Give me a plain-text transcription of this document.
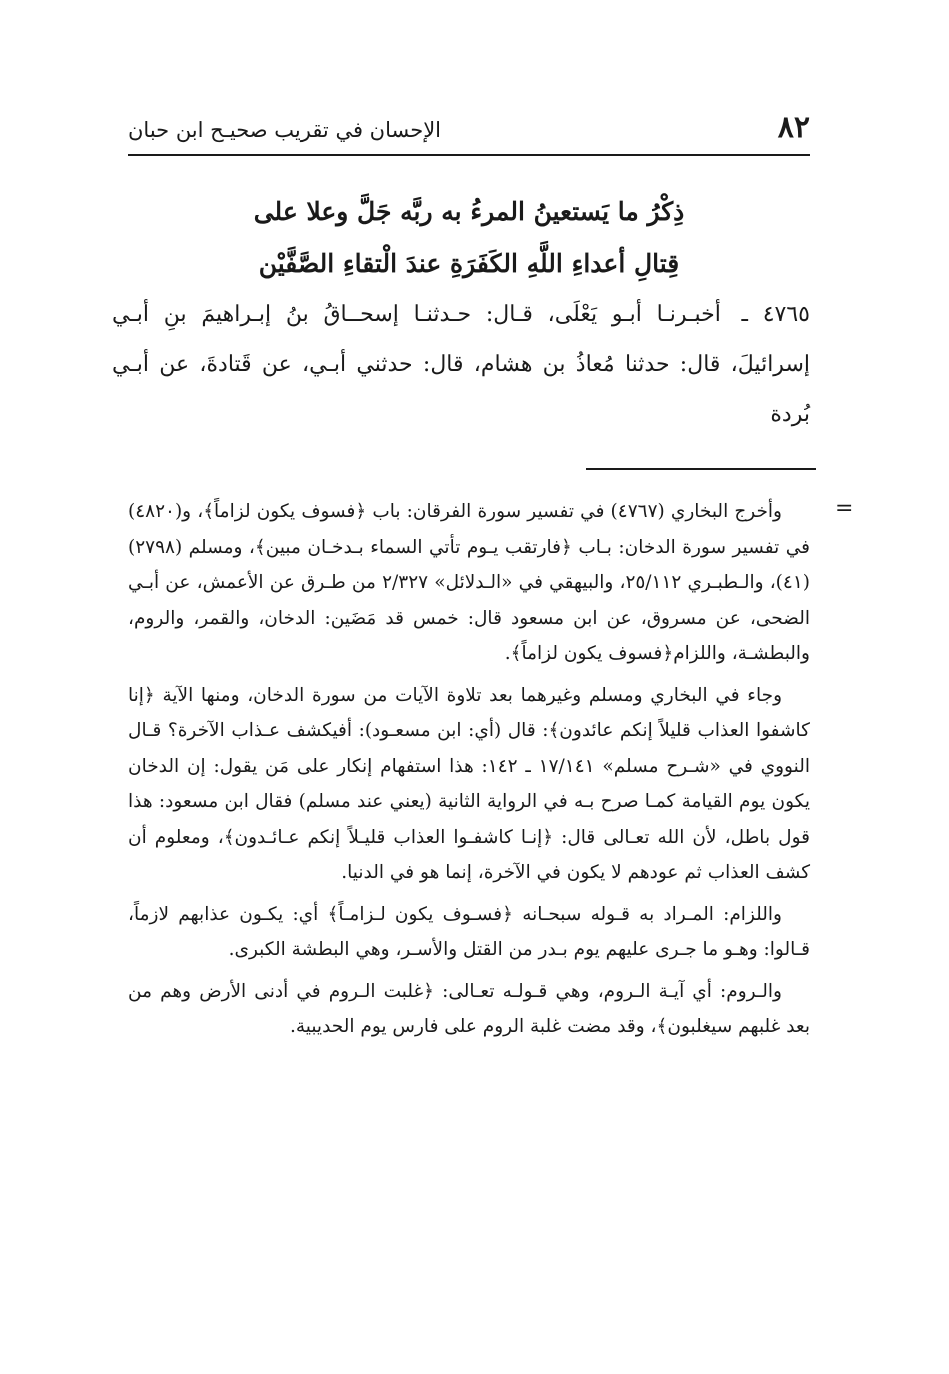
٨٢
الإحسان في تقريب صحيـح ابن حبان
ذِكْرُ ما يَستعينُ المرءُ به ربَّه جَلَّ وعلا على
قِتالِ أعداءِ اللَّهِ الكَفَرَةِ عندَ الْتقاءِ الصَّفَّيْن
٤٧٦٥ ـ أخبـرنـا أبـو يَعْلَى، قـال: حـدثنـا إسحــاقُ بنُ إبـراهيمَ بنِ أبـي إسرائيلَ، قال: حدثنا مُعاذُ بن هشام، قال: حدثني أبـي، عن قَتادةَ، عن أبـي بُردة
=

وأخرج البخاري (٤٧٦٧) في تفسير سورة الفرقان: باب ﴿فسوف يكون لزاماً﴾، و(٤٨٢٠) في تفسير سورة الدخان: بـاب ﴿فارتقب يـوم تأتي السماء بـدخـان مبين﴾، ومسلم (٢٧٩٨) (٤١)، والـطبـري ٢٥/١١٢، والبيهقي في «الـدلائل» ٢/٣٢٧ من طـرق عن الأعمش، عن أبـي الضحى، عن مسروق، عن ابن مسعود قال: خمس قد مَضَين: الدخان، والقمر، والروم، والبطشـة، واللزام﴿فسوف يكون لزاماً﴾.

وجاء في البخاري ومسلم وغيرهما بعد تلاوة الآيات من سورة الدخان، ومنها الآية ﴿إنا كاشفوا العذاب قليلاً إنكم عائدون﴾: قال (أي: ابن مسعـود): أفيكشف عـذاب الآخرة؟ قـال النووي في «شـرح مسلم» ١٧/١٤١ ـ ١٤٢: هذا استفهام إنكار على مَن يقول: إن الدخان يكون يوم القيامة كمـا صرح بـه في الرواية الثانية (يعني عند مسلم) فقال ابن مسعود: هذا قول باطل، لأن الله تعـالى قال: ﴿إنـا كاشفـوا العذاب قليـلاً إنكم عـائـدون﴾، ومعلوم أن كشف العذاب ثم عودهم لا يكون في الآخرة، إنما هو في الدنيا.

واللزام: المـراد به قـوله سبحـانه ﴿فسـوف يكون لـزامـاً﴾ أي: يكـون عذابهم لازماً، قـالوا: وهـو ما جـرى عليهم يوم بـدر من القتل والأسـر، وهي البطشة الكبرى.

والـروم: أي آيـة الـروم، وهي قـولـه تعـالى: ﴿غلبت الـروم في أدنى الأرض وهم من بعد غلبهم سيغلبون﴾، وقد مضت غلبة الروم على فارس يوم الحديبية.
